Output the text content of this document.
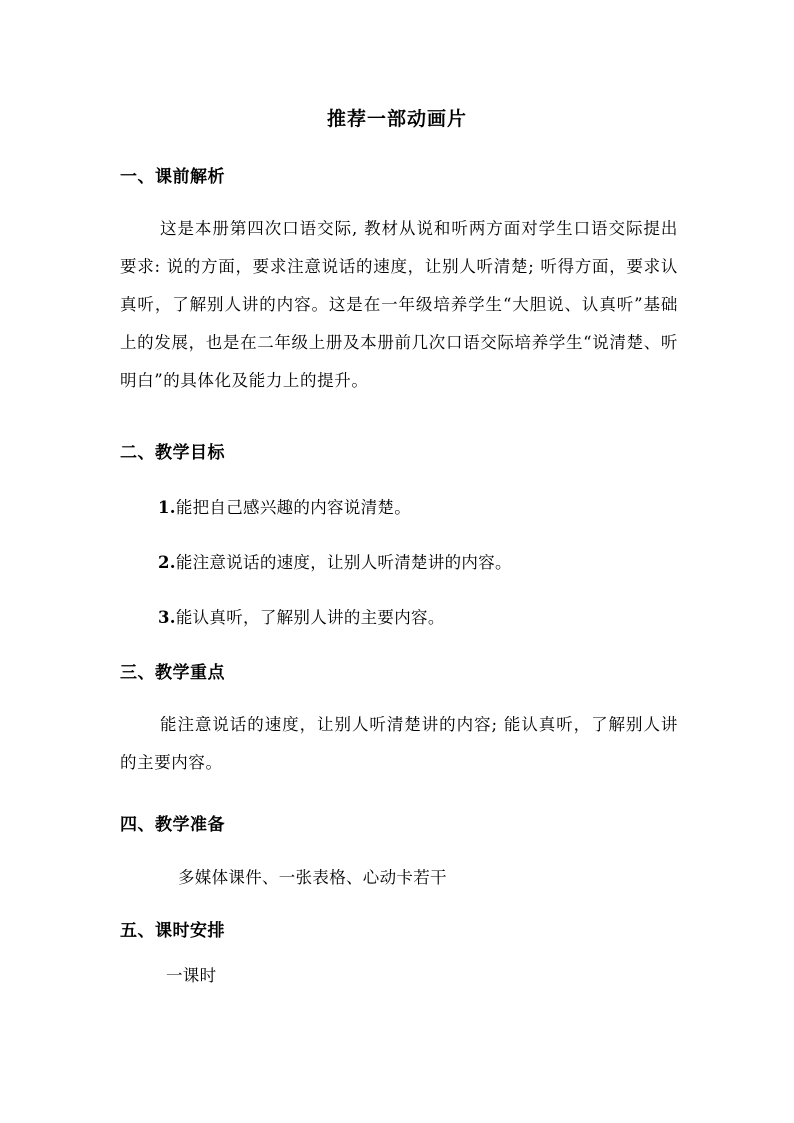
推荐一部动画片
一、课前解析
这是本册第四次口语交际, 教材从说和听两方面对学生口语交际提出要求: 说的方面，要求注意说话的速度，让别人听清楚; 听得方面，要求认真听，了解别人讲的内容。这是在一年级培养学生“大胆说、认真听”基础上的发展，也是在二年级上册及本册前几次口语交际培养学生“说清楚、听明白”的具体化及能力上的提升。
二、教学目标
1.能把自己感兴趣的内容说清楚。
2.能注意说话的速度，让别人听清楚讲的内容。
3.能认真听，了解别人讲的主要内容。
三、教学重点
能注意说话的速度，让别人听清楚讲的内容; 能认真听，了解别人讲的主要内容。
四、教学准备
多媒体课件、一张表格、心动卡若干
五、课时安排
一课时
